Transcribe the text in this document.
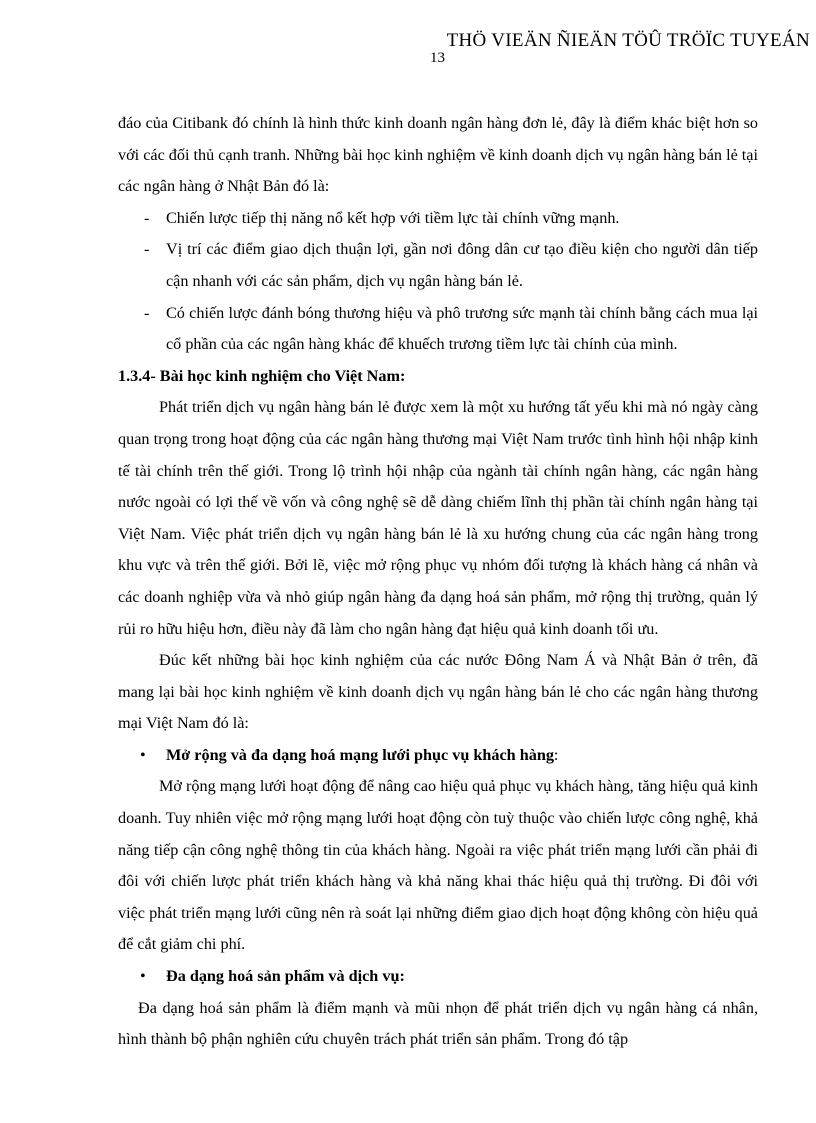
THÖ VIEÄN ÑIEÄN TÖÛ TRÖÏC TUYEÁN
13

đáo của Citibank đó chính là hình thức kinh doanh ngân hàng đơn lẻ, đây là điểm khác biệt hơn so với các đối thủ cạnh tranh. Những bài học kinh nghiệm về kinh doanh dịch vụ ngân hàng bán lẻ tại các ngân hàng ở Nhật Bản đó là:

- Chiến lược tiếp thị năng nổ kết hợp với tiềm lực tài chính vững mạnh.
- Vị trí các điểm giao dịch thuận lợi, gần nơi đông dân cư tạo điều kiện cho người dân tiếp cận nhanh với các sản phẩm, dịch vụ ngân hàng bán lẻ.
- Có chiến lược đánh bóng thương hiệu và phô trương sức mạnh tài chính bằng cách mua lại cổ phần của các ngân hàng khác để khuếch trương tiềm lực tài chính của mình.

1.3.4- Bài học kinh nghiệm cho Việt Nam:

Phát triển dịch vụ ngân hàng bán lẻ được xem là một xu hướng tất yếu khi mà nó ngày càng quan trọng trong hoạt động của các ngân hàng thương mại Việt Nam trước tình hình hội nhập kinh tế tài chính trên thế giới. Trong lộ trình hội nhập của ngành tài chính ngân hàng, các ngân hàng nước ngoài có lợi thế về vốn và công nghệ sẽ dễ dàng chiếm lĩnh thị phần tài chính ngân hàng tại Việt Nam. Việc phát triển dịch vụ ngân hàng bán lẻ là xu hướng chung của các ngân hàng trong khu vực và trên thế giới. Bởi lẽ, việc mở rộng phục vụ nhóm đối tượng là khách hàng cá nhân và các doanh nghiệp vừa và nhỏ giúp ngân hàng đa dạng hoá sản phẩm, mở rộng thị trường, quản lý rủi ro hữu hiệu hơn, điều này đã làm cho ngân hàng đạt hiệu quả kinh doanh tối ưu.

Đúc kết những bài học kinh nghiệm của các nước Đông Nam Á và Nhật Bản ở trên, đã mang lại bài học kinh nghiệm về kinh doanh dịch vụ ngân hàng bán lẻ cho các ngân hàng thương mại Việt Nam đó là:

• Mở rộng và đa dạng hoá mạng lưới phục vụ khách hàng:

Mở rộng mạng lưới hoạt động để nâng cao hiệu quả phục vụ khách hàng, tăng hiệu quả kinh doanh. Tuy nhiên việc mở rộng mạng lưới hoạt động còn tuỳ thuộc vào chiến lược công nghệ, khả năng tiếp cận công nghệ thông tin của khách hàng. Ngoài ra việc phát triển mạng lưới cần phải đi đôi với chiến lược phát triển khách hàng và khả năng khai thác hiệu quả thị trường. Đi đôi với việc phát triển mạng lưới cũng nên rà soát lại những điểm giao dịch hoạt động không còn hiệu quả để cắt giảm chi phí.

• Đa dạng hoá sản phẩm và dịch vụ:

Đa dạng hoá sản phẩm là điểm mạnh và mũi nhọn để phát triển dịch vụ ngân hàng cá nhân, hình thành bộ phận nghiên cứu chuyên trách phát triển sản phẩm. Trong đó tập
